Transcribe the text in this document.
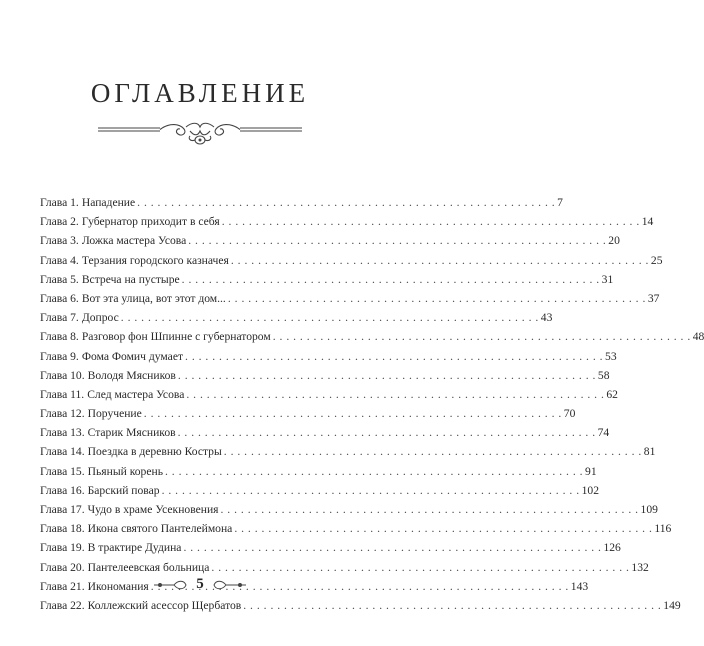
ОГЛАВЛЕНИЕ
Глава 1. Нападение . . .	7
Глава 2. Губернатор приходит в себя . . .	14
Глава 3. Ложка мастера Усова . . .	20
Глава 4. Терзания городского казначея . . .	25
Глава 5. Встреча на пустыре . . .	31
Глава 6. Вот эта улица, вот этот дом... . . .	37
Глава 7. Допрос . . .	43
Глава 8. Разговор фон Шпинне с губернатором . . .	48
Глава 9. Фома Фомич думает . . .	53
Глава 10. Володя Мясников . . .	58
Глава 11. След мастера Усова . . .	62
Глава 12. Поручение . . .	70
Глава 13. Старик Мясников . . .	74
Глава 14. Поездка в деревню Костры . . .	81
Глава 15. Пьяный корень . . .	91
Глава 16. Барский повар . . .	102
Глава 17. Чудо в храме Усекновения . . .	109
Глава 18. Икона святого Пантелеймона . . .	116
Глава 19. В трактире Дудина . . .	126
Глава 20. Пантелеевская больница . . .	132
Глава 21. Икономания . . .	143
Глава 22. Коллежский асессор Щербатов . . .	149
5
